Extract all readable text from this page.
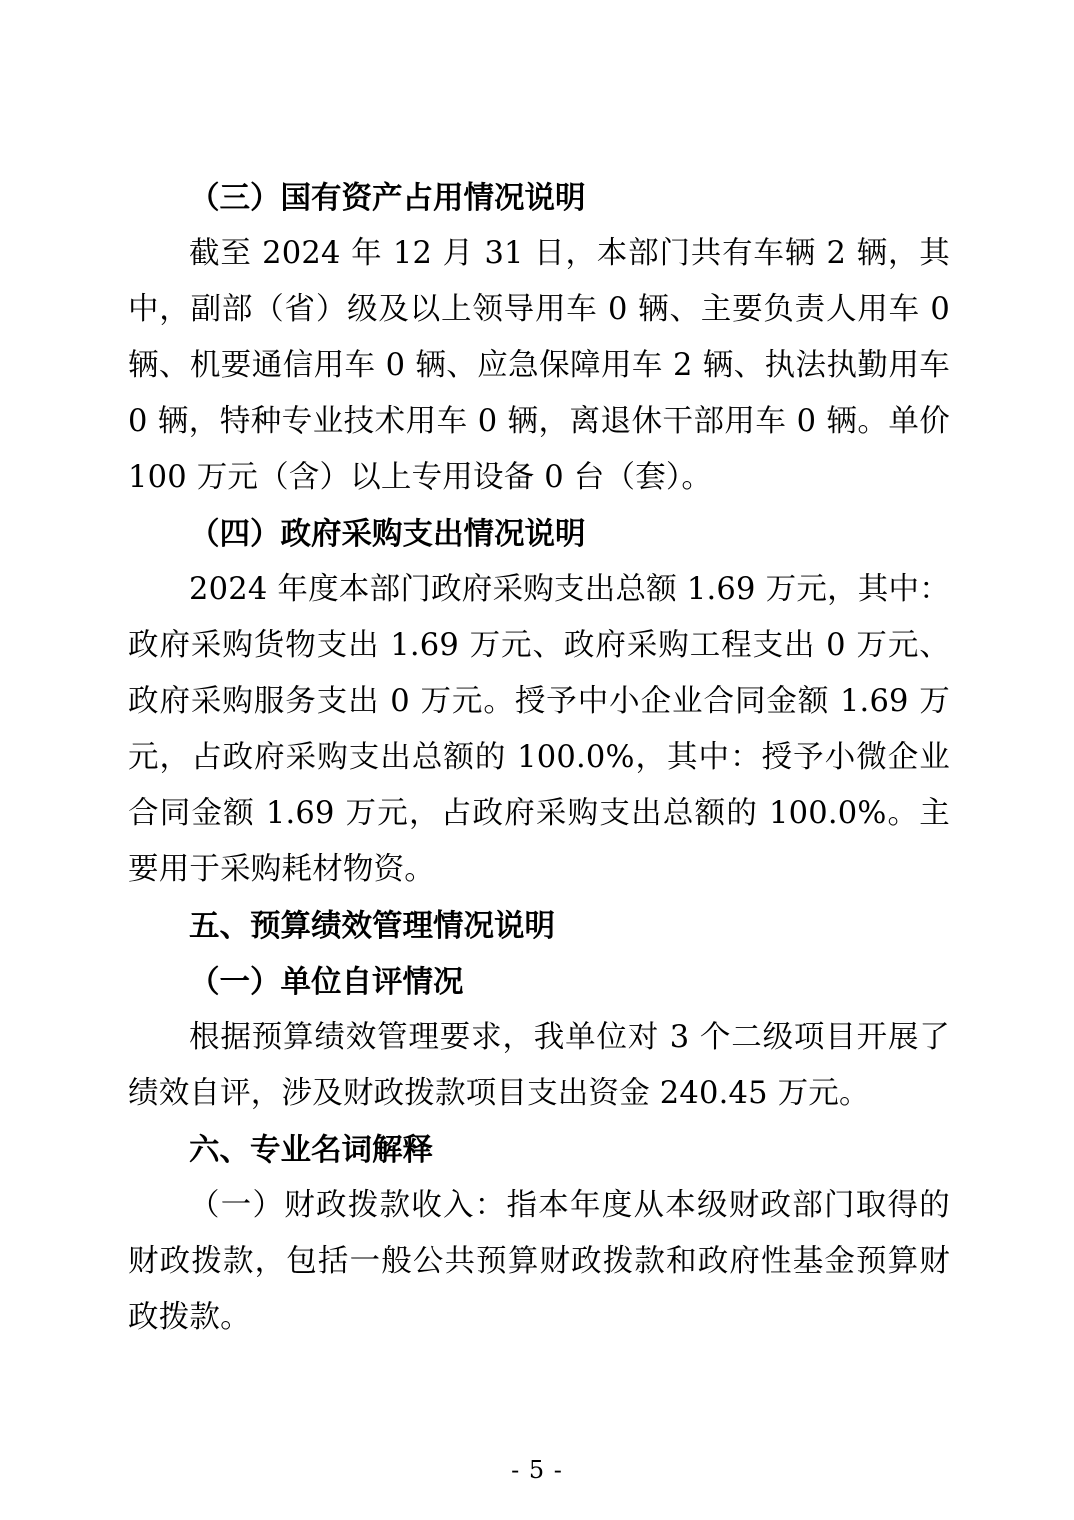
（三）国有资产占用情况说明

截至 2024 年 12 月 31 日，本部门共有车辆 2 辆，其中，副部（省）级及以上领导用车 0 辆、主要负责人用车 0 辆、机要通信用车 0 辆、应急保障用车 2 辆、执法执勤用车 0 辆，特种专业技术用车 0 辆，离退休干部用车 0 辆。单价 100 万元（含）以上专用设备 0 台（套）。

（四）政府采购支出情况说明

2024 年度本部门政府采购支出总额 1.69 万元，其中：政府采购货物支出 1.69 万元、政府采购工程支出 0 万元、政府采购服务支出 0 万元。授予中小企业合同金额 1.69 万元，占政府采购支出总额的 100.0%，其中：授予小微企业合同金额 1.69 万元，占政府采购支出总额的 100.0%。主要用于采购耗材物资。

五、预算绩效管理情况说明

（一）单位自评情况

根据预算绩效管理要求，我单位对 3 个二级项目开展了绩效自评，涉及财政拨款项目支出资金 240.45 万元。

六、专业名词解释

（一）财政拨款收入：指本年度从本级财政部门取得的财政拨款，包括一般公共预算财政拨款和政府性基金预算财政拨款。

- 5 -
